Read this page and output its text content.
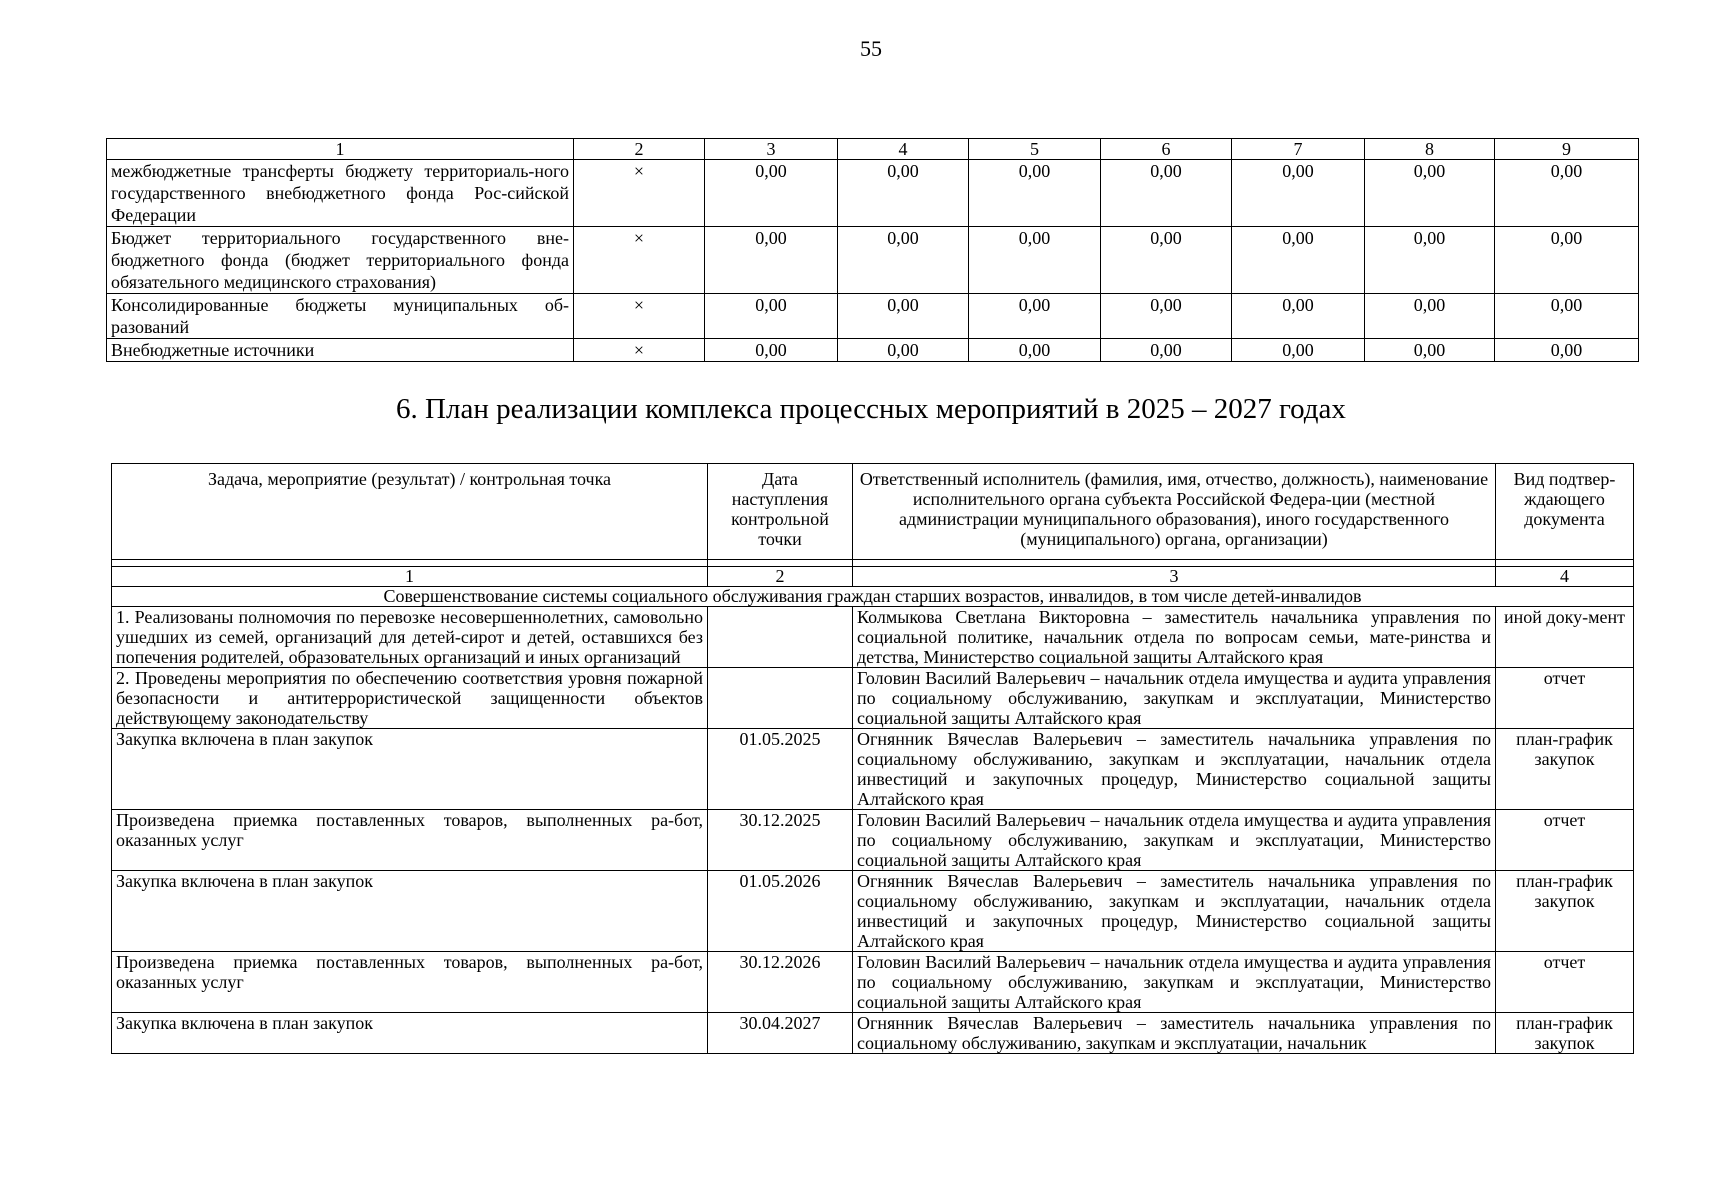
55
1	2	3	4	5	6	7	8	9
межбюджетные трансферты бюджету территориаль-ного государственного внебюджетного фонда Рос-сийской Федерации	×	0,00	0,00	0,00	0,00	0,00	0,00	0,00
Бюджет территориального государственного вне-бюджетного фонда (бюджет территориального фонда обязательного медицинского страхования)	×	0,00	0,00	0,00	0,00	0,00	0,00	0,00
Консолидированные бюджеты муниципальных об-разований	×	0,00	0,00	0,00	0,00	0,00	0,00	0,00
Внебюджетные источники	×	0,00	0,00	0,00	0,00	0,00	0,00	0,00
6. План реализации комплекса процессных мероприятий в 2025 – 2027 годах
Задача, мероприятие (результат) / контрольная точка	Дата наступления контрольной точки	Ответственный исполнитель (фамилия, имя, отчество, должность), наименование исполнительного органа субъекта Российской Федера-ции (местной администрации муниципального образования), иного государственного (муниципального) органа, организации)	Вид подтвер-ждающего документа

1	2	3	4
Совершенствование системы социального обслуживания граждан старших возрастов, инвалидов, в том числе детей-инвалидов			
1. Реализованы полномочия по перевозке несовершеннолетних, самовольно ушедших из семей, организаций для детей-сирот и детей, оставшихся без попечения родителей, образовательных организаций и иных организаций		Колмыкова Светлана Викторовна – заместитель начальника управления по социальной политике, начальник отдела по вопросам семьи, мате-ринства и детства, Министерство социальной защиты Алтайского края	иной доку-мент
2. Проведены мероприятия по обеспечению соответствия уровня пожарной безопасности и антитеррористической защищенности объектов действующему законодательству		Головин Василий Валерьевич – начальник отдела имущества и аудита управления по социальному обслуживанию, закупкам и эксплуатации, Министерство социальной защиты Алтайского края	отчет
Закупка включена в план закупок	01.05.2025	Огнянник Вячеслав Валерьевич – заместитель начальника управления по социальному обслуживанию, закупкам и эксплуатации, начальник отдела инвестиций и закупочных процедур, Министерство социальной защиты Алтайского края	план-график закупок
Произведена приемка поставленных товаров, выполненных ра-бот, оказанных услуг	30.12.2025	Головин Василий Валерьевич – начальник отдела имущества и аудита управления по социальному обслуживанию, закупкам и эксплуатации, Министерство социальной защиты Алтайского края	отчет
Закупка включена в план закупок	01.05.2026	Огнянник Вячеслав Валерьевич – заместитель начальника управления по социальному обслуживанию, закупкам и эксплуатации, начальник отдела инвестиций и закупочных процедур, Министерство социальной защиты Алтайского края	план-график закупок
Произведена приемка поставленных товаров, выполненных ра-бот, оказанных услуг	30.12.2026	Головин Василий Валерьевич – начальник отдела имущества и аудита управления по социальному обслуживанию, закупкам и эксплуатации, Министерство социальной защиты Алтайского края	отчет
Закупка включена в план закупок	30.04.2027	Огнянник Вячеслав Валерьевич – заместитель начальника управления по социальному обслуживанию, закупкам и эксплуатации, начальник	план-график закупок
